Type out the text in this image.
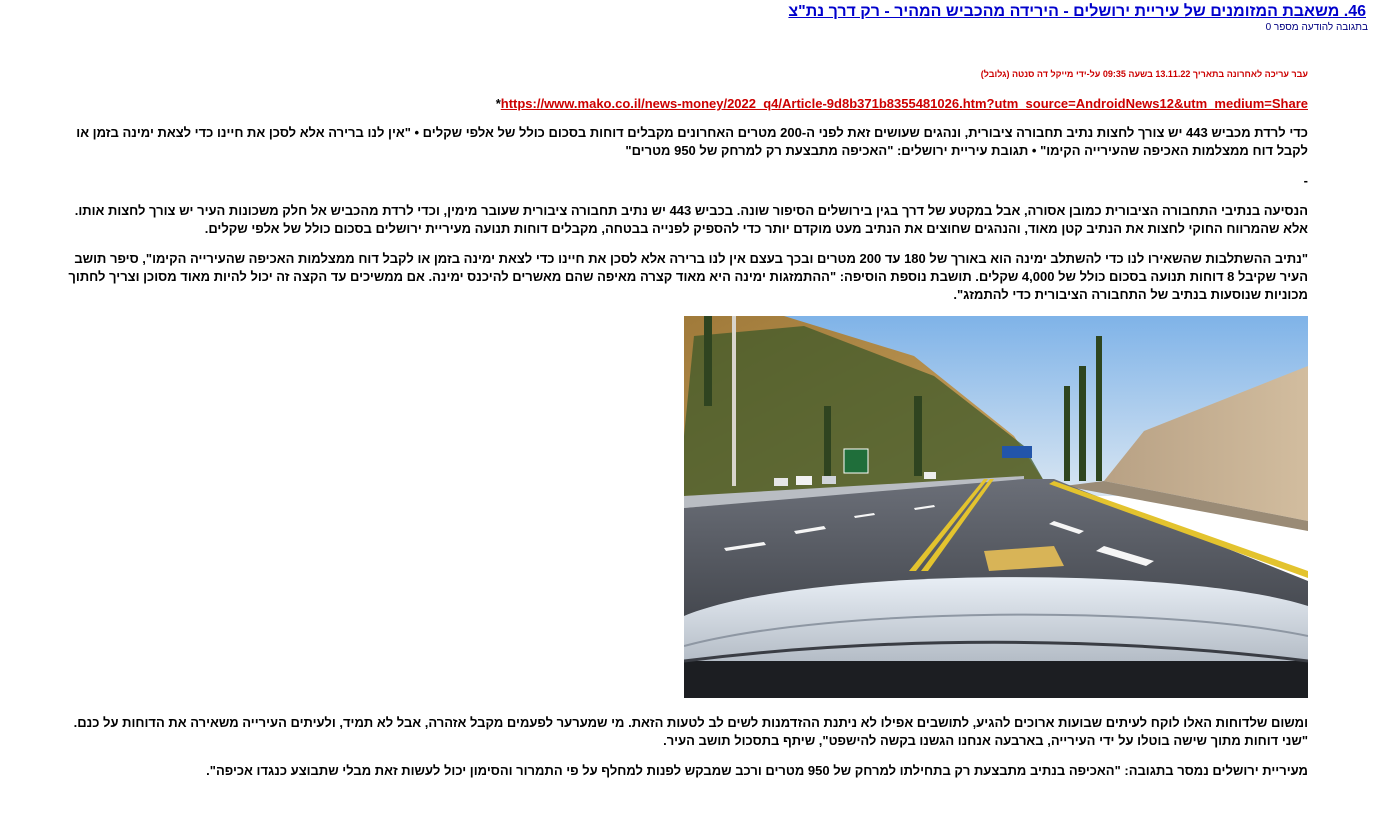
46. משאבת המזומנים של עיריית ירושלים - הירידה מהכביש המהיר - רק דרך נת"צ
בתגובה להודעה מספר 0
עבר עריכה לאחרונה בתאריך 13.11.22 בשעה 09:35 על-ידי מייקל דה סנטה (גלובל)
https://www.mako.co.il/news-money/2022_q4/Article-9d8b371b8355481026.htm?utm_source=AndroidNews12&utm_medium=Share*
כדי לרדת מכביש 443 יש צורך לחצות נתיב תחבורה ציבורית, ונהגים שעושים זאת לפני ה-200 מטרים האחרונים מקבלים דוחות בסכום כולל של אלפי שקלים • "אין לנו ברירה אלא לסכן את חיינו כדי לצאת ימינה בזמן או לקבל דוח ממצלמות האכיפה שהעירייה הקימו" • תגובת עיריית ירושלים: "האכיפה מתבצעת רק למרחק של 950 מטרים"
-
הנסיעה בנתיבי התחבורה הציבורית כמובן אסורה, אבל במקטע של דרך בגין בירושלים הסיפור שונה. בכביש 443 יש נתיב תחבורה ציבורית שעובר מימין, וכדי לרדת מהכביש אל חלק משכונות העיר יש צורך לחצות אותו. אלא שהמרווח החוקי לחצות את הנתיב קטן מאוד, והנהגים שחוצים את הנתיב מעט מוקדם יותר כדי להספיק לפנייה בבטחה, מקבלים דוחות תנועה מעיריית ירושלים בסכום כולל של אלפי שקלים.
"נתיב ההשתלבות שהשאירו לנו כדי להשתלב ימינה הוא באורך של 180 עד 200 מטרים ובכך בעצם אין לנו ברירה אלא לסכן את חיינו כדי לצאת ימינה בזמן או לקבל דוח ממצלמות האכיפה שהעירייה הקימו", סיפר תושב העיר שקיבל 8 דוחות תנועה בסכום כולל של 4,000 שקלים. תושבת נוספת הוסיפה: "ההתמזגות ימינה היא מאוד קצרה מאיפה שהם מאשרים להיכנס ימינה. אם ממשיכים עד הקצה זה יכול להיות מאוד מסוכן וצריך לחתוך מכוניות שנוסעות בנתיב של התחבורה הציבורית כדי להתמזג".
ומשום שלדוחות האלו לוקח לעיתים שבועות ארוכים להגיע, לתושבים אפילו לא ניתנת ההזדמנות לשים לב לטעות הזאת. מי שמערער לפעמים מקבל אזהרה, אבל לא תמיד, ולעיתים העירייה משאירה את הדוחות על כנם. "שני דוחות מתוך שישה בוטלו על ידי העירייה, בארבעה אנחנו הגשנו בקשה להישפט", שיתף בתסכול תושב העיר.
מעיריית ירושלים נמסר בתגובה: "האכיפה בנתיב מתבצעת רק בתחילתו למרחק של 950 מטרים ורכב שמבקש לפנות למחלף על פי התמרור והסימון יכול לעשות זאת מבלי שתבוצע כנגדו אכיפה".
